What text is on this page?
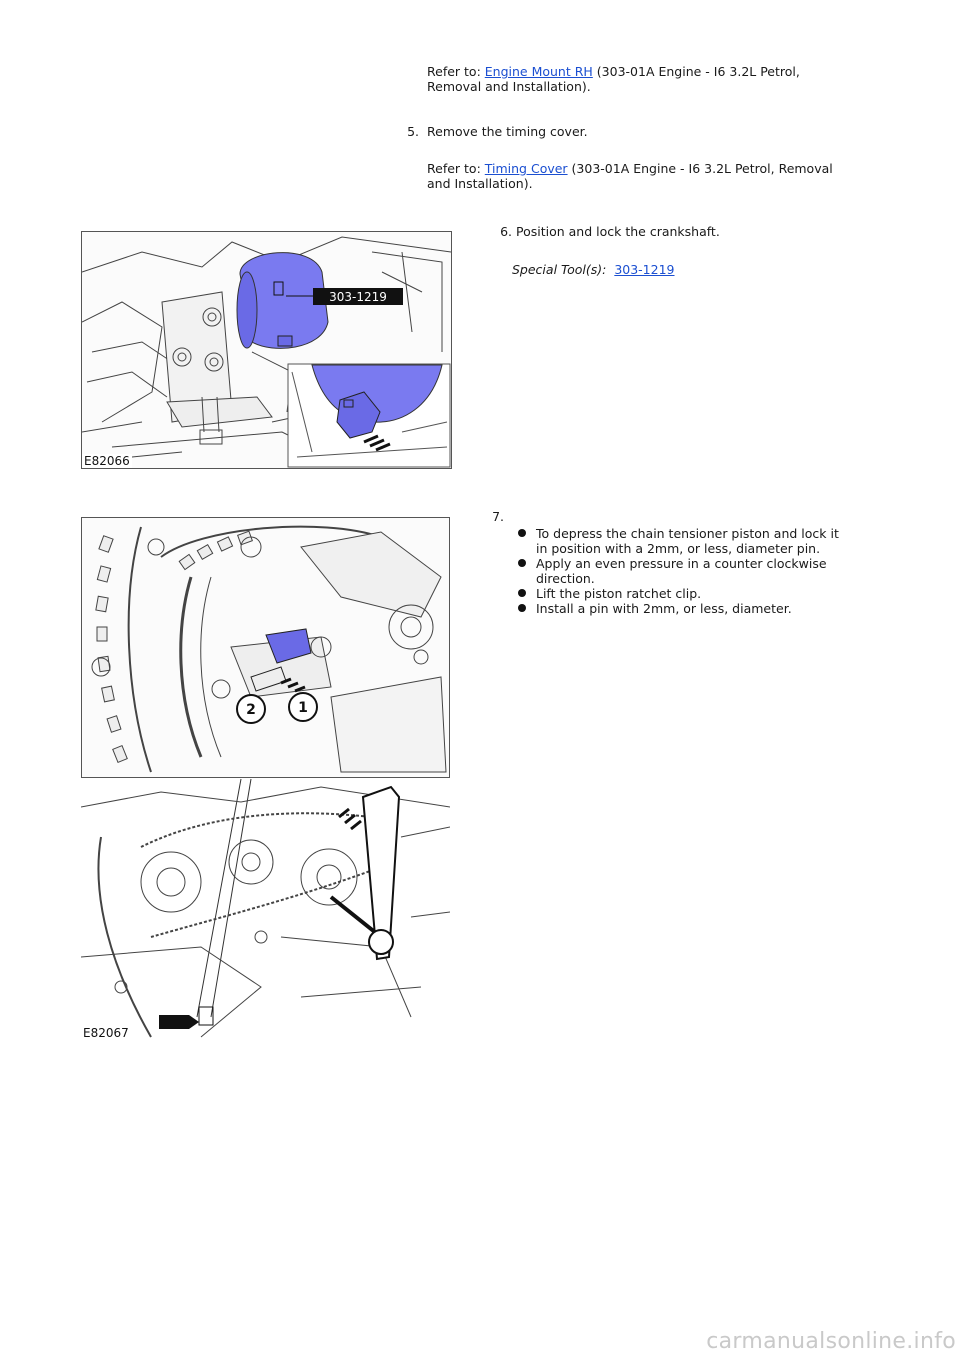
Refer to: Engine Mount RH (303-01A Engine - I6 3.2L Petrol,
Removal and Installation).
5. Remove the timing cover.
Refer to: Timing Cover (303-01A Engine - I6 3.2L Petrol, Removal
and Installation).
6. Position and lock the crankshaft.
Special Tool(s): 303-1219
303-1219
E82066
7.
To depress the chain tensioner piston and lock it
in position with a 2mm, or less, diameter pin.
Apply an even pressure in a counter clockwise
direction.
Lift the piston ratchet clip.
Install a pin with 2mm, or less, diameter.
2	1
E82067
carmanualsonline.info
